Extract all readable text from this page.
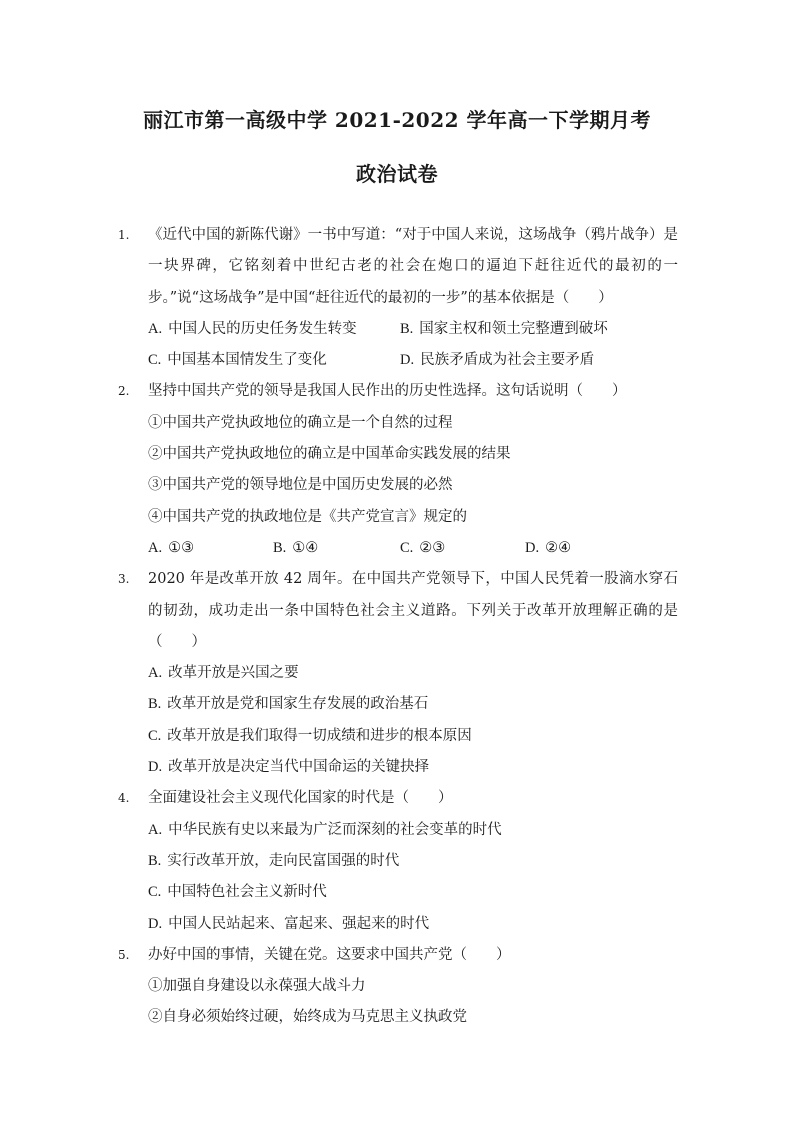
丽江市第一高级中学 2021-2022 学年高一下学期月考
政治试卷
1. 《近代中国的新陈代谢》一书中写道：“对于中国人来说，这场战争（鸦片战争）是一块界碑，它铭刻着中世纪古老的社会在炮口的逼迫下赶往近代的最初的一步。”说“这场战争”是中国“赶往近代的最初的一步”的基本依据是（　　）
A. 中国人民的历史任务发生转变	B. 国家主权和领土完整遭到破坏
C. 中国基本国情发生了变化	D. 民族矛盾成为社会主要矛盾
2. 坚持中国共产党的领导是我国人民作出的历史性选择。这句话说明（　　）
①中国共产党执政地位的确立是一个自然的过程
②中国共产党执政地位的确立是中国革命实践发展的结果
③中国共产党的领导地位是中国历史发展的必然
④中国共产党的执政地位是《共产党宣言》规定的
A. ①③	B. ①④	C. ②③	D. ②④
3. 2020 年是改革开放 42 周年。在中国共产党领导下，中国人民凭着一股滴水穿石的韧劲，成功走出一条中国特色社会主义道路。下列关于改革开放理解正确的是（　　）
A. 改革开放是兴国之要
B. 改革开放是党和国家生存发展的政治基石
C. 改革开放是我们取得一切成绩和进步的根本原因
D. 改革开放是决定当代中国命运的关键抉择
4. 全面建设社会主义现代化国家的时代是（　　）
A. 中华民族有史以来最为广泛而深刻的社会变革的时代
B. 实行改革开放，走向民富国强的时代
C. 中国特色社会主义新时代
D. 中国人民站起来、富起来、强起来的时代
5. 办好中国的事情，关键在党。这要求中国共产党（　　）
①加强自身建设以永葆强大战斗力
②自身必须始终过硬，始终成为马克思主义执政党
